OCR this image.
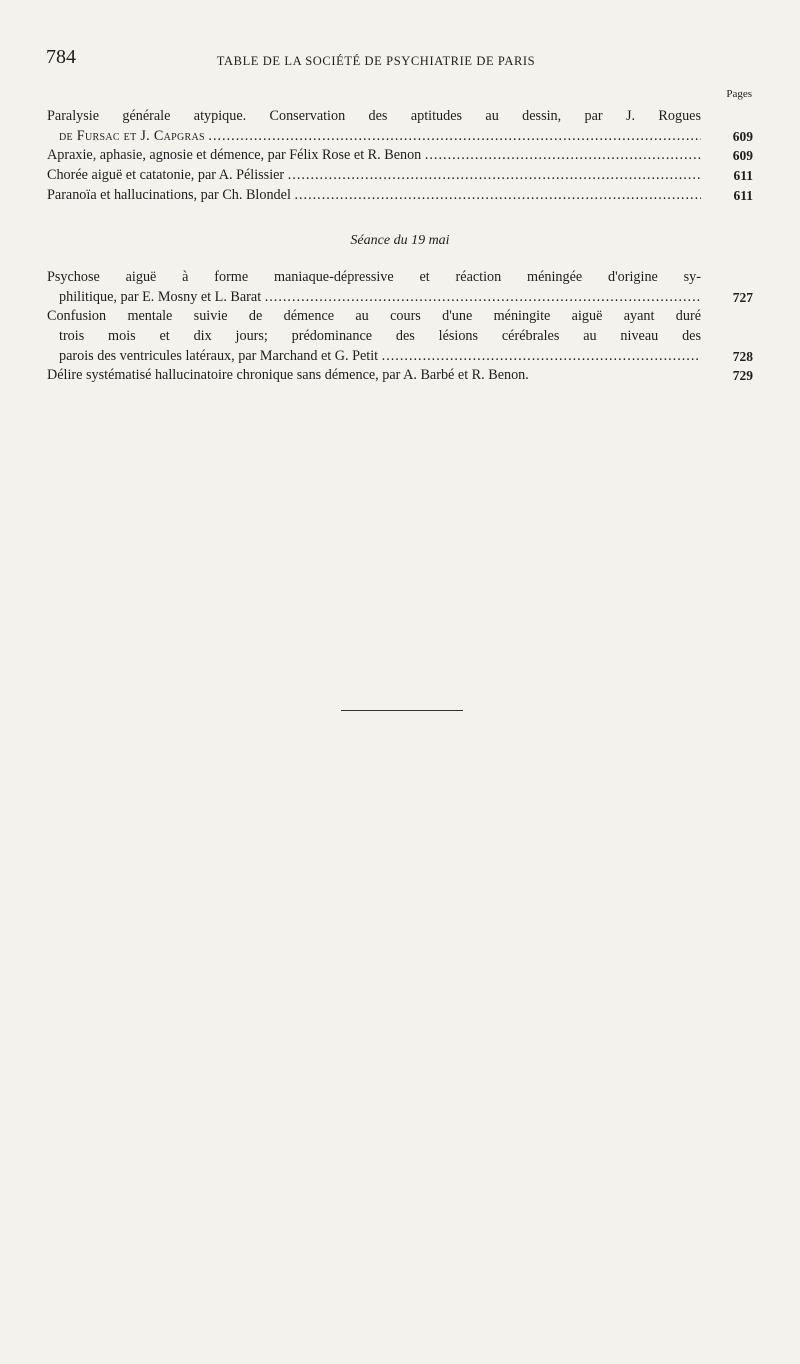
784	TABLE DE LA SOCIÉTÉ DE PSYCHIATRIE DE PARIS
Pages
Paralysie générale atypique. Conservation des aptitudes au dessin, par J. Rogues
de Fursac et J. Capgras .....	609
Apraxie, aphasie, agnosie et démence, par Félix Rose et R. Benon .....	609
Chorée aiguë et catatonie, par A. Pélissier .....	611
Paranoïa et hallucinations, par Ch. Blondel .....	611
Séance du 19 mai
Psychose aiguë à forme maniaque-dépressive et réaction méningée d'origine sy-
philitique, par E. Mosny et L. Barat .....	727
Confusion mentale suivie de démence au cours d'une méningite aiguë ayant duré
trois mois et dix jours; prédominance des lésions cérébrales au niveau des
parois des ventricules latéraux, par Marchand et G. Petit .....	728
Délire systématisé hallucinatoire chronique sans démence, par A. Barbé et R. Benon.	729
